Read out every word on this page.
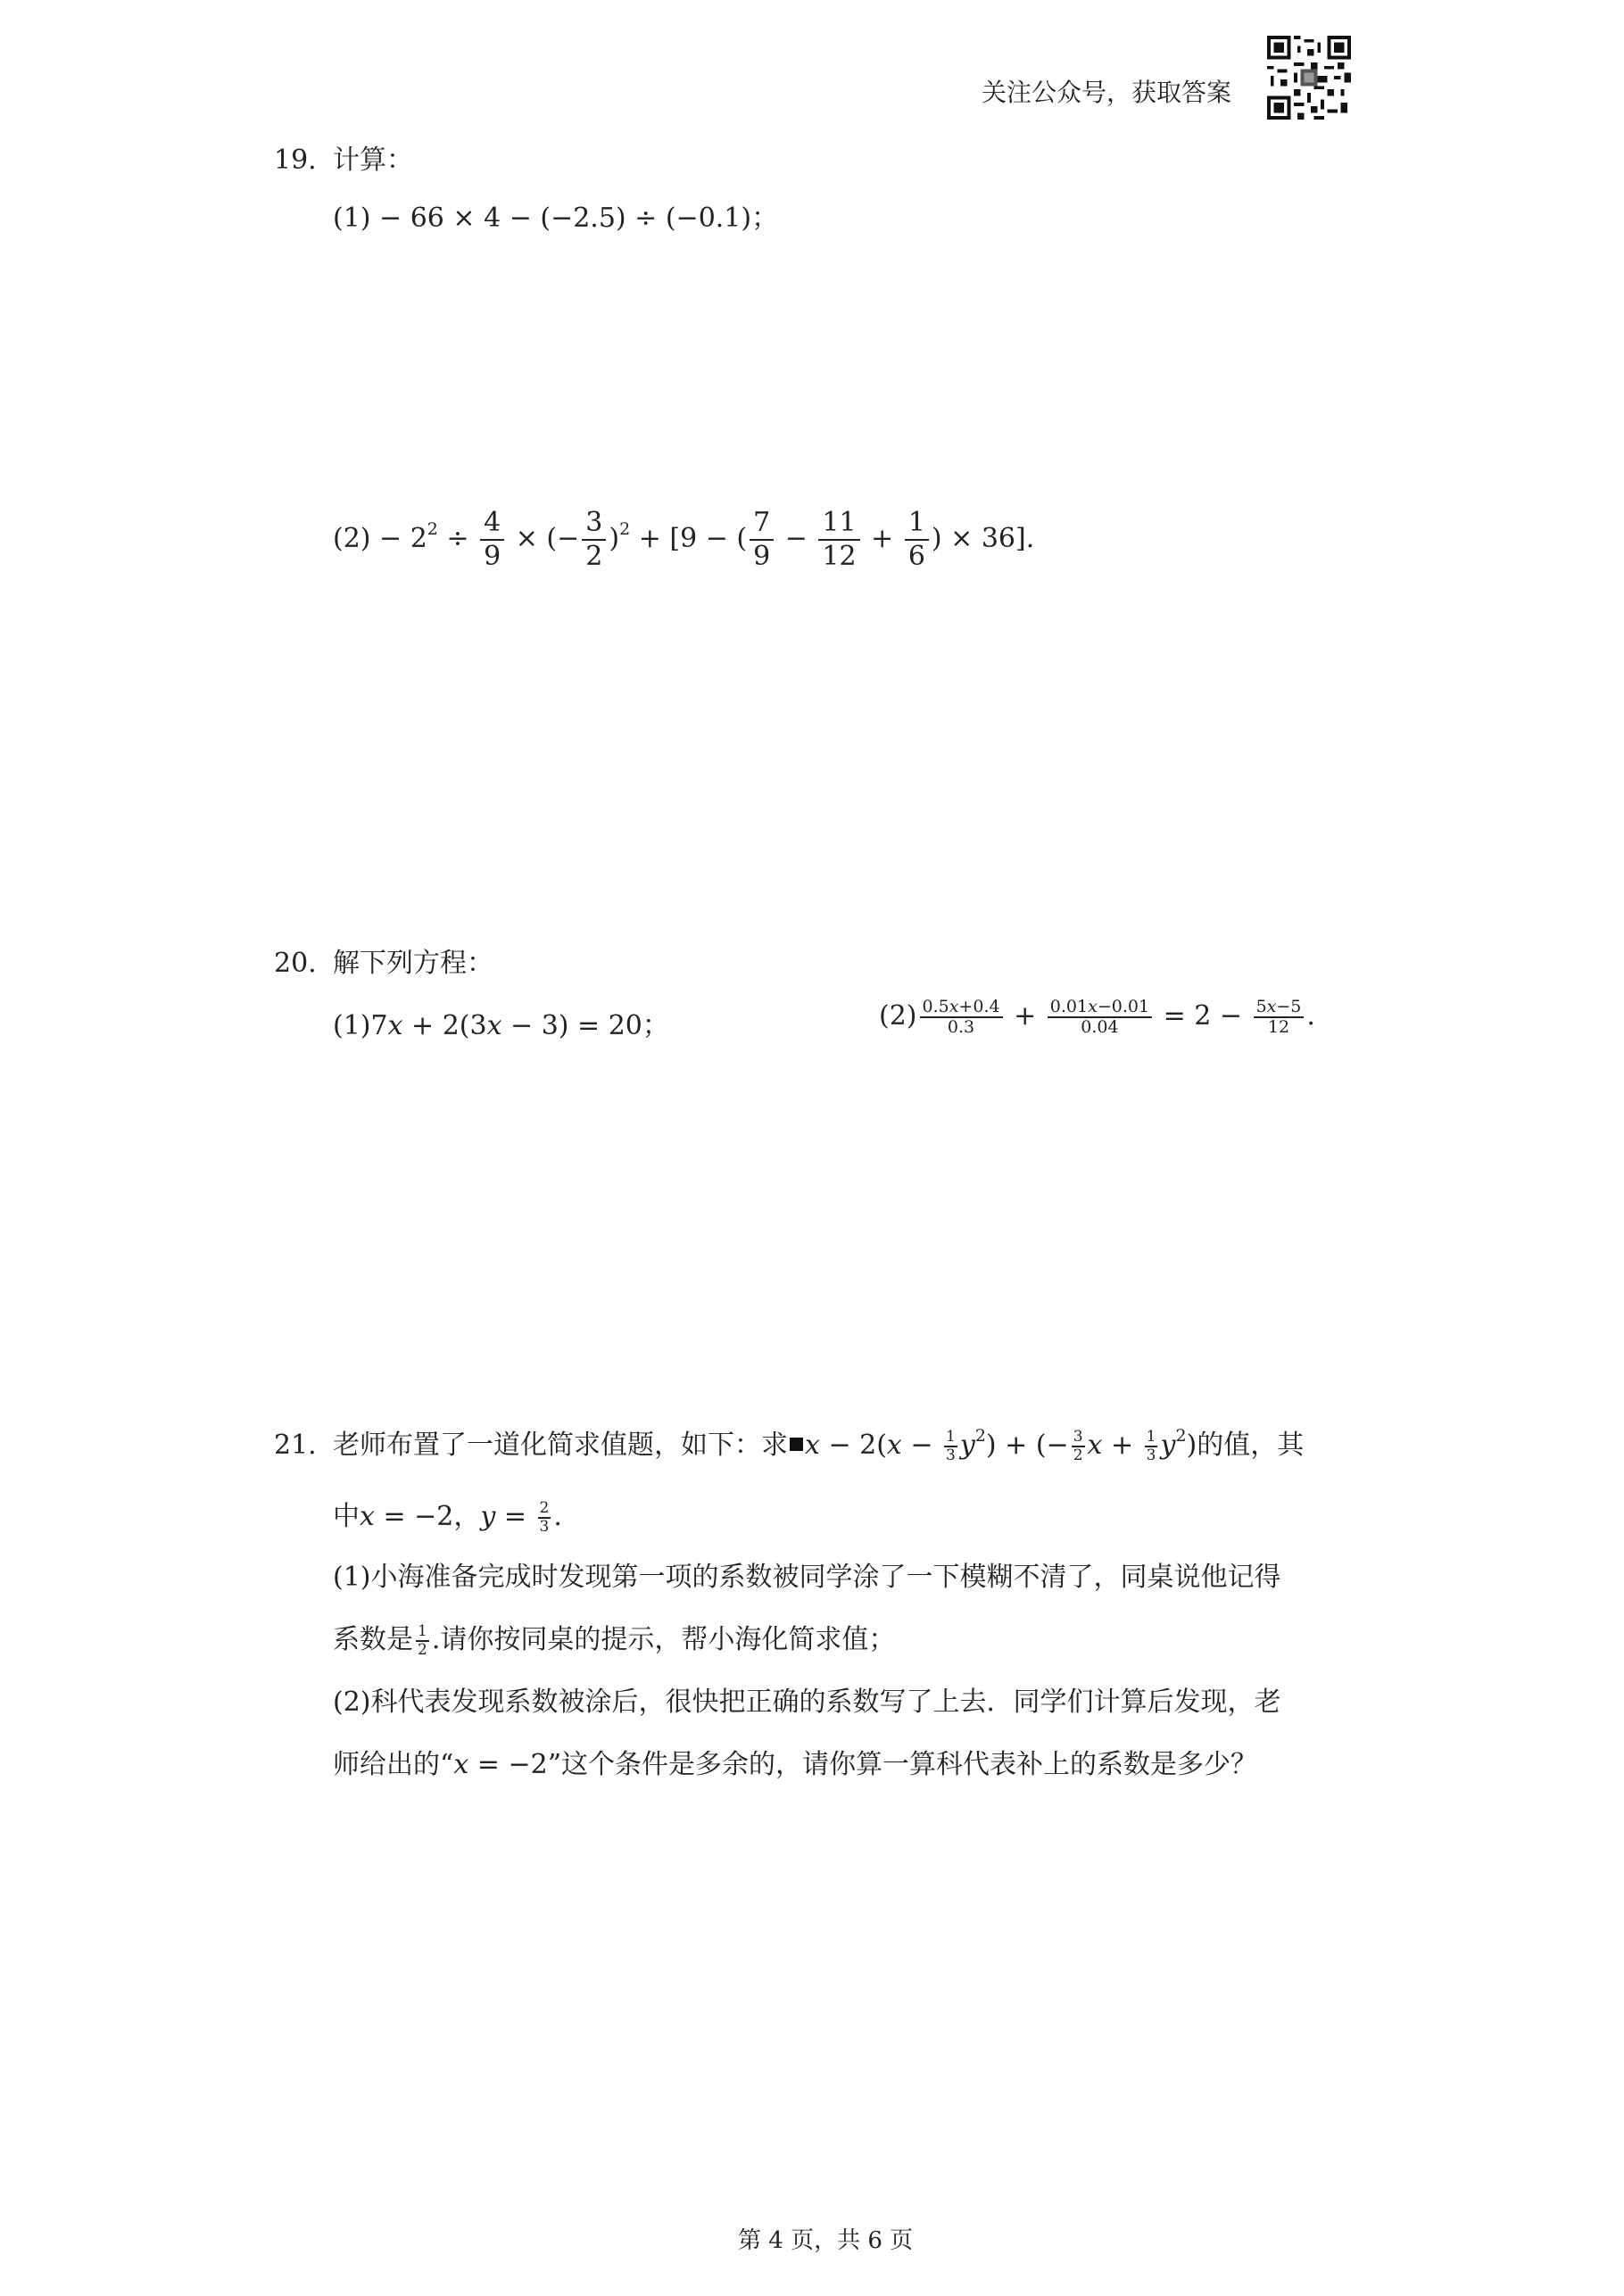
关注公众号，获取答案
19. 计算：
(1) − 66 × 4 − (−2.5) ÷ (−0.1)；
$(2) - 2^2 \div \frac{4}{9}$ × (− $\frac{3}{2} )^2 + [9$ − ( $\frac{7}{9} - \frac{11}{12} + \frac{1}{6}$ ) × 36].
20. 解下列方程：
(1)7𝑥 + 2(3𝑥 − 3) = 20；	$(2) \frac{\text{0.5𝑥+0.4}}{0.3} + \frac{\text{0.01𝑥−0.01}}{0.04} = 2 - \frac{\text{5𝑥−5}}{12}$ .
21. 老师布置了一道化简求值题，如下：求 𝑥 − 2(𝑥 − $\frac{1}{3}$ 𝑦$^2$) + (− $\frac{3}{2}$ 𝑥 + $\frac{1}{3}$ 𝑦$^2$)的值，其
中𝑥 = −2，𝑦 = $\frac{2}{3}$ .
(1)小海准备完成时发现第一项的系数被同学涂了一下模糊不清了，同桌说他记得
系数是 $\frac{1}{2}$ .请你按同桌的提示，帮小海化简求值；
(2)科代表发现系数被涂后，很快把正确的系数写了上去．同学们计算后发现，老
师给出的“𝑥 = −2”这个条件是多余的，请你算一算科代表补上的系数是多少？
第 4 页，共 6 页
